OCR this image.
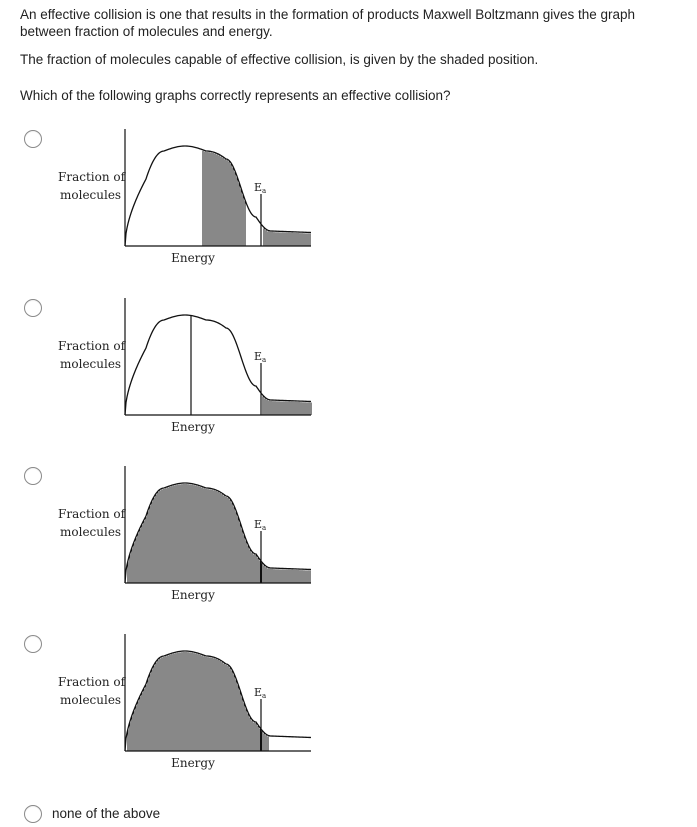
An effective collision is one that results in the formation of products Maxwell Boltzmann gives the graph between fraction of molecules and energy.

The fraction of molecules capable of effective collision, is given by the shaded position.

Which of the following graphs correctly represents an effective collision?

Ea
Fraction of
molecules
Energy
Ea
Fraction of
molecules
Energy
Ea
Fraction of
molecules
Energy
Ea
Fraction of
molecules
Energy
none of the above
